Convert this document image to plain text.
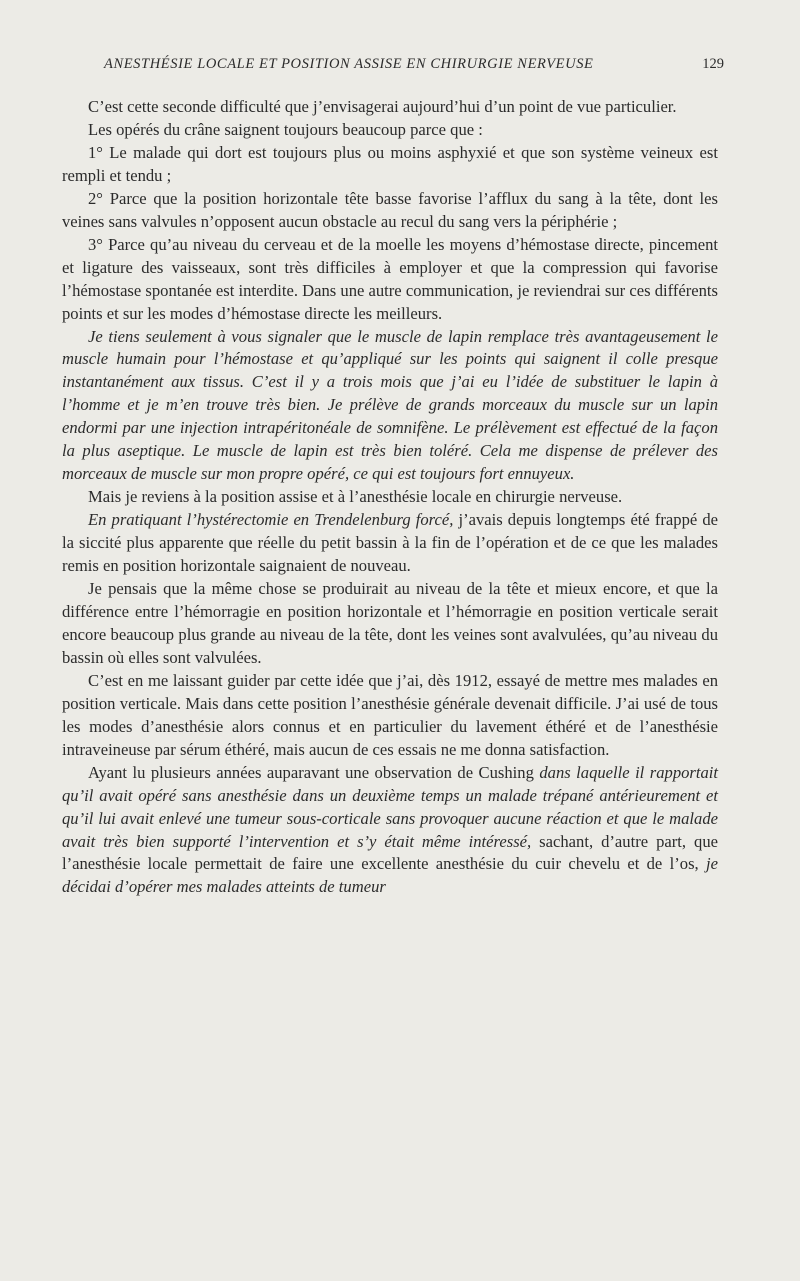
ANESTHÉSIE LOCALE ET POSITION ASSISE EN CHIRURGIE NERVEUSE	129

C’est cette seconde difficulté que j’envisagerai aujourd’hui d’un point de vue particulier.

Les opérés du crâne saignent toujours beaucoup parce que :

1° Le malade qui dort est toujours plus ou moins asphyxié et que son système veineux est rempli et tendu ;

2° Parce que la position horizontale tête basse favorise l’afflux du sang à la tête, dont les veines sans valvules n’opposent aucun obstacle au recul du sang vers la périphérie ;

3° Parce qu’au niveau du cerveau et de la moelle les moyens d’hémostase directe, pincement et ligature des vaisseaux, sont très difficiles à employer et que la compression qui favorise l’hémostase spontanée est interdite. Dans une autre communication, je reviendrai sur ces différents points et sur les modes d’hémostase directe les meilleurs.

Je tiens seulement à vous signaler que le muscle de lapin remplace très avantageusement le muscle humain pour l’hémostase et qu’appliqué sur les points qui saignent il colle presque instantanément aux tissus. C’est il y a trois mois que j’ai eu l’idée de substituer le lapin à l’homme et je m’en trouve très bien. Je prélève de grands morceaux du muscle sur un lapin endormi par une injection intrapéritonéale de somnifène. Le prélèvement est effectué de la façon la plus aseptique. Le muscle de lapin est très bien toléré. Cela me dispense de prélever des morceaux de muscle sur mon propre opéré, ce qui est toujours fort ennuyeux.

Mais je reviens à la position assise et à l’anesthésie locale en chirurgie nerveuse.

En pratiquant l’hystérectomie en Trendelenburg forcé, j’avais depuis longtemps été frappé de la siccité plus apparente que réelle du petit bassin à la fin de l’opération et de ce que les malades remis en position horizontale saignaient de nouveau.

Je pensais que la même chose se produirait au niveau de la tête et mieux encore, et que la différence entre l’hémorragie en position horizontale et l’hémorragie en position verticale serait encore beaucoup plus grande au niveau de la tête, dont les veines sont avalvulées, qu’au niveau du bassin où elles sont valvulées.

C’est en me laissant guider par cette idée que j’ai, dès 1912, essayé de mettre mes malades en position verticale. Mais dans cette position l’anesthésie générale devenait difficile. J’ai usé de tous les modes d’anesthésie alors connus et en particulier du lavement éthéré et de l’anesthésie intraveineuse par sérum éthéré, mais aucun de ces essais ne me donna satisfaction.

Ayant lu plusieurs années auparavant une observation de Cushing dans laquelle il rapportait qu’il avait opéré sans anesthésie dans un deuxième temps un malade trépané antérieurement et qu’il lui avait enlevé une tumeur sous-corticale sans provoquer aucune réaction et que le malade avait très bien supporté l’intervention et s’y était même intéressé, sachant, d’autre part, que l’anesthésie locale permettait de faire une excellente anesthésie du cuir chevelu et de l’os, je décidai d’opérer mes malades atteints de tumeur
